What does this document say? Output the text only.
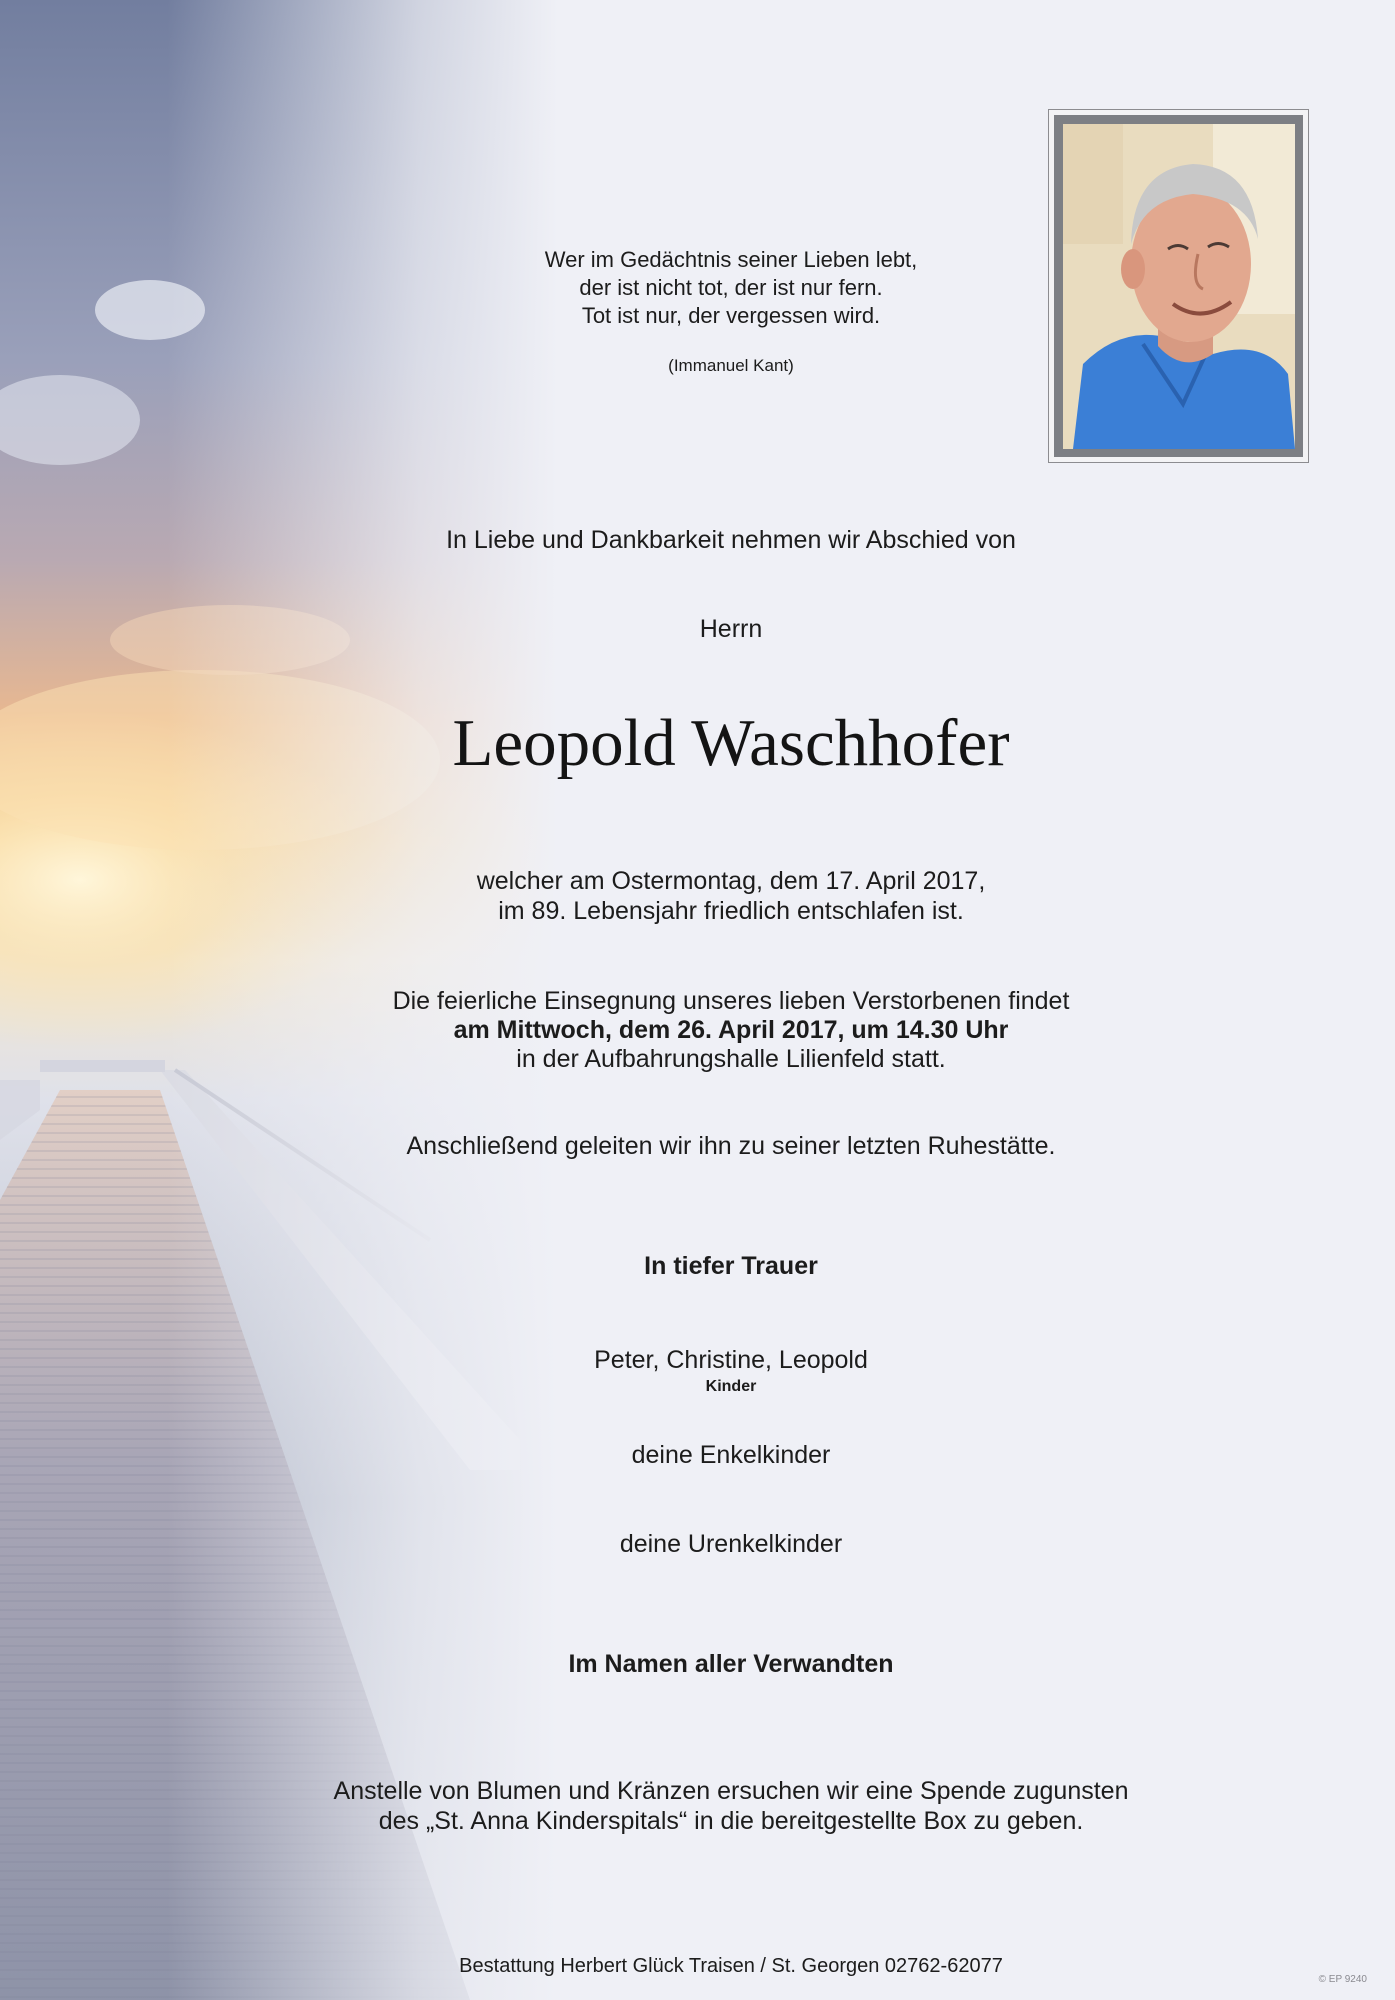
Wer im Gedächtnis seiner Lieben lebt,
der ist nicht tot, der ist nur fern.
Tot ist nur, der vergessen wird.
(Immanuel Kant)
In Liebe und Dankbarkeit nehmen wir Abschied von
Herrn
Leopold Waschhofer
welcher am Ostermontag, dem 17. April 2017,
im 89. Lebensjahr friedlich entschlafen ist.
Die feierliche Einsegnung unseres lieben Verstorbenen findet
am Mittwoch, dem 26. April 2017, um 14.30 Uhr
in der Aufbahrungshalle Lilienfeld statt.
Anschließend geleiten wir ihn zu seiner letzten Ruhestätte.
In tiefer Trauer
Peter, Christine, Leopold
Kinder
deine Enkelkinder
deine Urenkelkinder
Im Namen aller Verwandten
Anstelle von Blumen und Kränzen ersuchen wir eine Spende zugunsten
des „St. Anna Kinderspitals“ in die bereitgestellte Box zu geben.
Bestattung Herbert Glück Traisen / St. Georgen 02762-62077
© EP 9240
